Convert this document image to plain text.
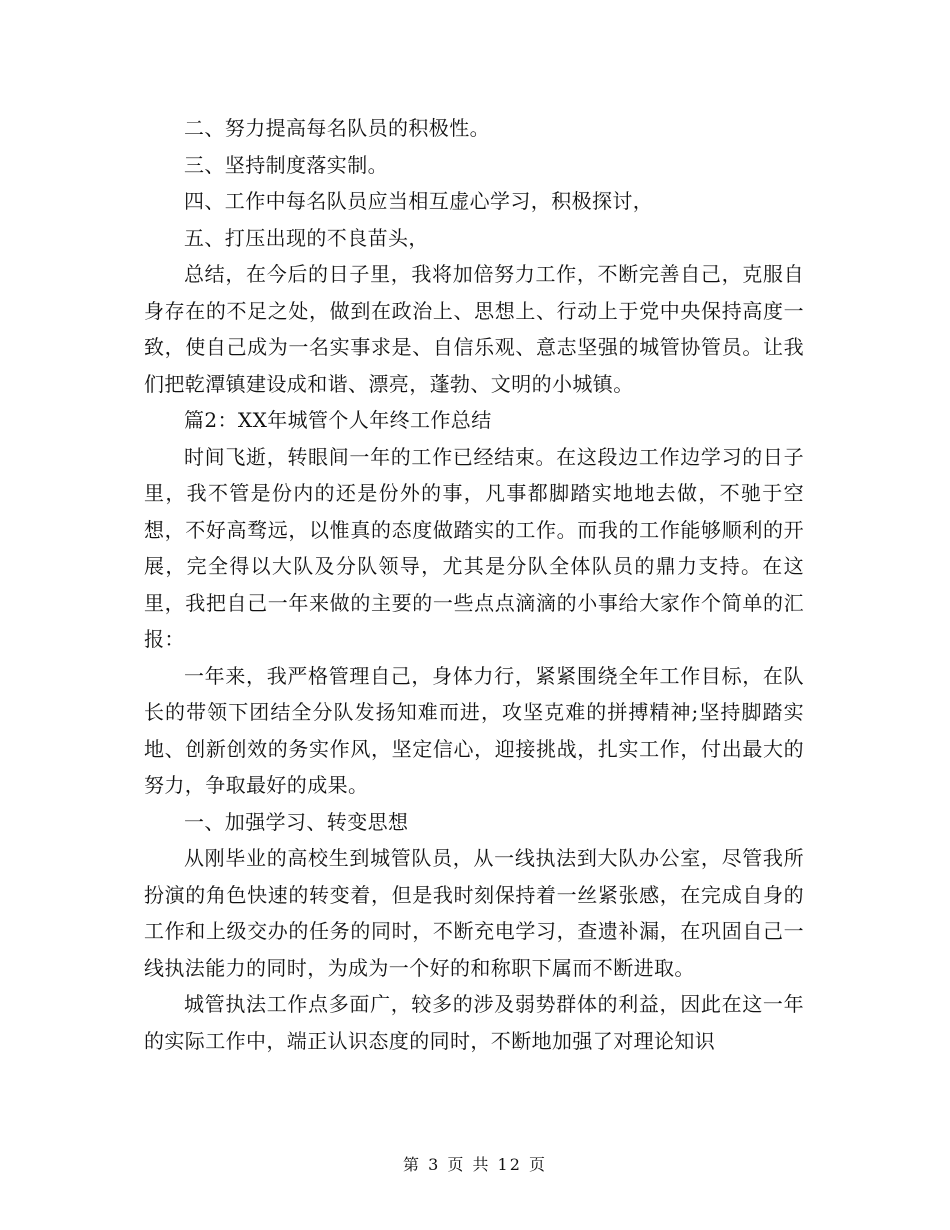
二、努力提高每名队员的积极性。

三、坚持制度落实制。

四、工作中每名队员应当相互虚心学习，积极探讨，

五、打压出现的不良苗头，

总结，在今后的日子里，我将加倍努力工作，不断完善自己，克服自身存在的不足之处，做到在政治上、思想上、行动上于党中央保持高度一致，使自己成为一名实事求是、自信乐观、意志坚强的城管协管员。让我们把乾潭镇建设成和谐、漂亮，蓬勃、文明的小城镇。

篇2：XX年城管个人年终工作总结

时间飞逝，转眼间一年的工作已经结束。在这段边工作边学习的日子里，我不管是份内的还是份外的事，凡事都脚踏实地地去做，不驰于空想，不好高骛远，以惟真的态度做踏实的工作。而我的工作能够顺利的开展，完全得以大队及分队领导，尤其是分队全体队员的鼎力支持。在这里，我把自己一年来做的主要的一些点点滴滴的小事给大家作个简单的汇报：

一年来，我严格管理自己，身体力行，紧紧围绕全年工作目标，在队长的带领下团结全分队发扬知难而进，攻坚克难的拼搏精神;坚持脚踏实地、创新创效的务实作风，坚定信心，迎接挑战，扎实工作，付出最大的努力，争取最好的成果。

一、加强学习、转变思想

从刚毕业的高校生到城管队员，从一线执法到大队办公室，尽管我所扮演的角色快速的转变着，但是我时刻保持着一丝紧张感，在完成自身的工作和上级交办的任务的同时，不断充电学习，查遗补漏，在巩固自己一线执法能力的同时，为成为一个好的和称职下属而不断进取。

城管执法工作点多面广，较多的涉及弱势群体的利益，因此在这一年的实际工作中，端正认识态度的同时，不断地加强了对理论知识

第 3 页 共 12 页
